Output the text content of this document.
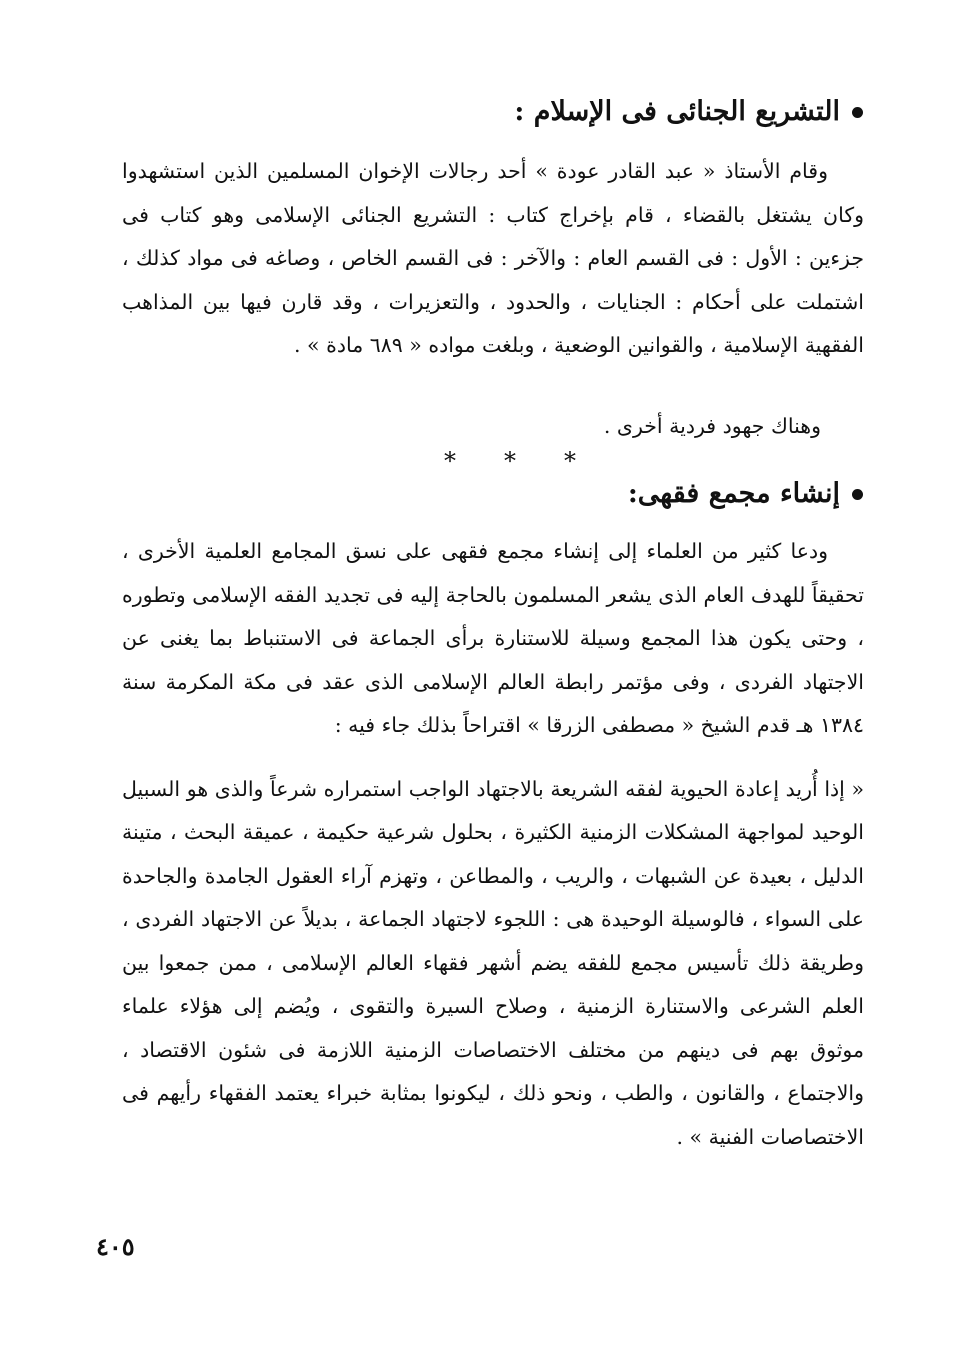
التشريع الجنائى فى الإسلام :

وقام الأستاذ « عبد القادر عودة » أحد رجالات الإخوان المسلمين الذين استشهدوا وكان يشتغل بالقضاء ، قام بإخراج كتاب : التشريع الجنائى الإسلامى وهو كتاب فى جزءين : الأول : فى القسم العام : والآخر : فى القسم الخاص ، وصاغه فى مواد كذلك ، اشتملت على أحكام : الجنايات ، والحدود ، والتعزيرات ، وقد قارن فيها بين المذاهب الفقهية الإسلامية ، والقوانين الوضعية ، وبلغت مواده « ٦٨٩ مادة » .

وهناك جهود فردية أخرى .
* * *
إنشاء مجمع فقهى:

ودعا كثير من العلماء إلى إنشاء مجمع فقهى على نسق المجامع العلمية الأخرى ، تحقيقاً للهدف العام الذى يشعر المسلمون بالحاجة إليه فى تجديد الفقه الإسلامى وتطوره ، وحتى يكون هذا المجمع وسيلة للاستنارة برأى الجماعة فى الاستنباط بما يغنى عن الاجتهاد الفردى ، وفى مؤتمر رابطة العالم الإسلامى الذى عقد فى مكة المكرمة سنة ١٣٨٤ هـ قدم الشيخ « مصطفى الزرقا » اقتراحاً بذلك جاء فيه :

« إذا أُريد إعادة الحيوية لفقه الشريعة بالاجتهاد الواجب استمراره شرعاً والذى هو السبيل الوحيد لمواجهة المشكلات الزمنية الكثيرة ، بحلول شرعية حكيمة ، عميقة البحث ، متينة الدليل ، بعيدة عن الشبهات ، والريب ، والمطاعن ، وتهزم آراء العقول الجامدة والجاحدة على السواء ، فالوسيلة الوحيدة هى : اللجوء لاجتهاد الجماعة ، بديلاً عن الاجتهاد الفردى ، وطريقة ذلك تأسيس مجمع للفقه يضم أشهر فقهاء العالم الإسلامى ، ممن جمعوا بين العلم الشرعى والاستنارة الزمنية ، وصلاح السيرة والتقوى ، ويُضم إلى هؤلاء علماء موثوق بهم فى دينهم من مختلف الاختصاصات الزمنية اللازمة فى شئون الاقتصاد ، والاجتماع ، والقانون ، والطب ، ونحو ذلك ، ليكونوا بمثابة خبراء يعتمد الفقهاء رأيهم فى الاختصاصات الفنية » .

٤٠٥
